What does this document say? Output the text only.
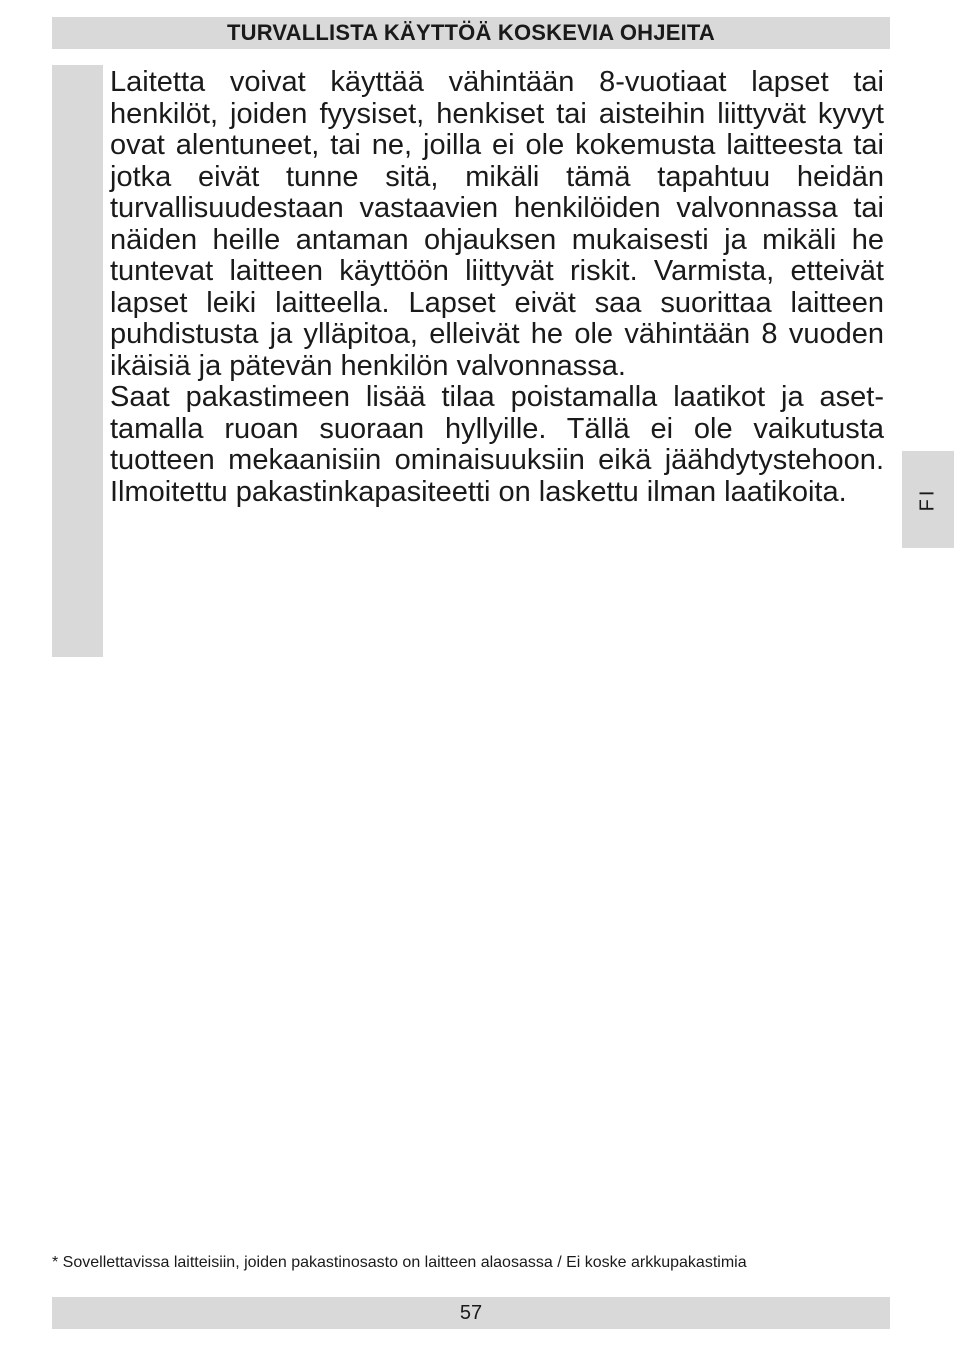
TURVALLISTA KÄYTTÖÄ KOSKEVIA OHJEITA

Laitetta voivat käyttää vähintään 8-vuotiaat lapset tai henkilöt, joiden fyysiset, henkiset tai aisteihin liittyvät kyvyt ovat alentuneet, tai ne, joilla ei ole kokemusta laitteesta tai jotka eivät tunne sitä, mikäli tämä tapahtuu heidän turvallisuudestaan vastaavien henkilöiden valvonnassa tai näiden heille antaman ohjauksen mukaisesti ja mikäli he tuntevat laitteen käyttöön liittyvät riskit. Varmista, etteivät lapset leiki laitteella. Lapset eivät saa suorittaa laitteen puhdistusta ja ylläpitoa, elleivät he ole vähintään 8 vuoden ikäisiä ja pätevän henkilön valvonnassa.

Saat pakastimeen lisää tilaa poistamalla laatikot ja asettamalla ruoan suoraan hyllyille. Tällä ei ole vaikutusta tuotteen mekaanisiin ominaisuuksiin eikä jäähdytystehoon. Ilmoitettu pakastinkapasiteetti on laskettu ilman laatikoita.	FI
* Sovellettavissa laitteisiin, joiden pakastinosasto on laitteen alaosassa / Ei koske arkkupakastimia
57
